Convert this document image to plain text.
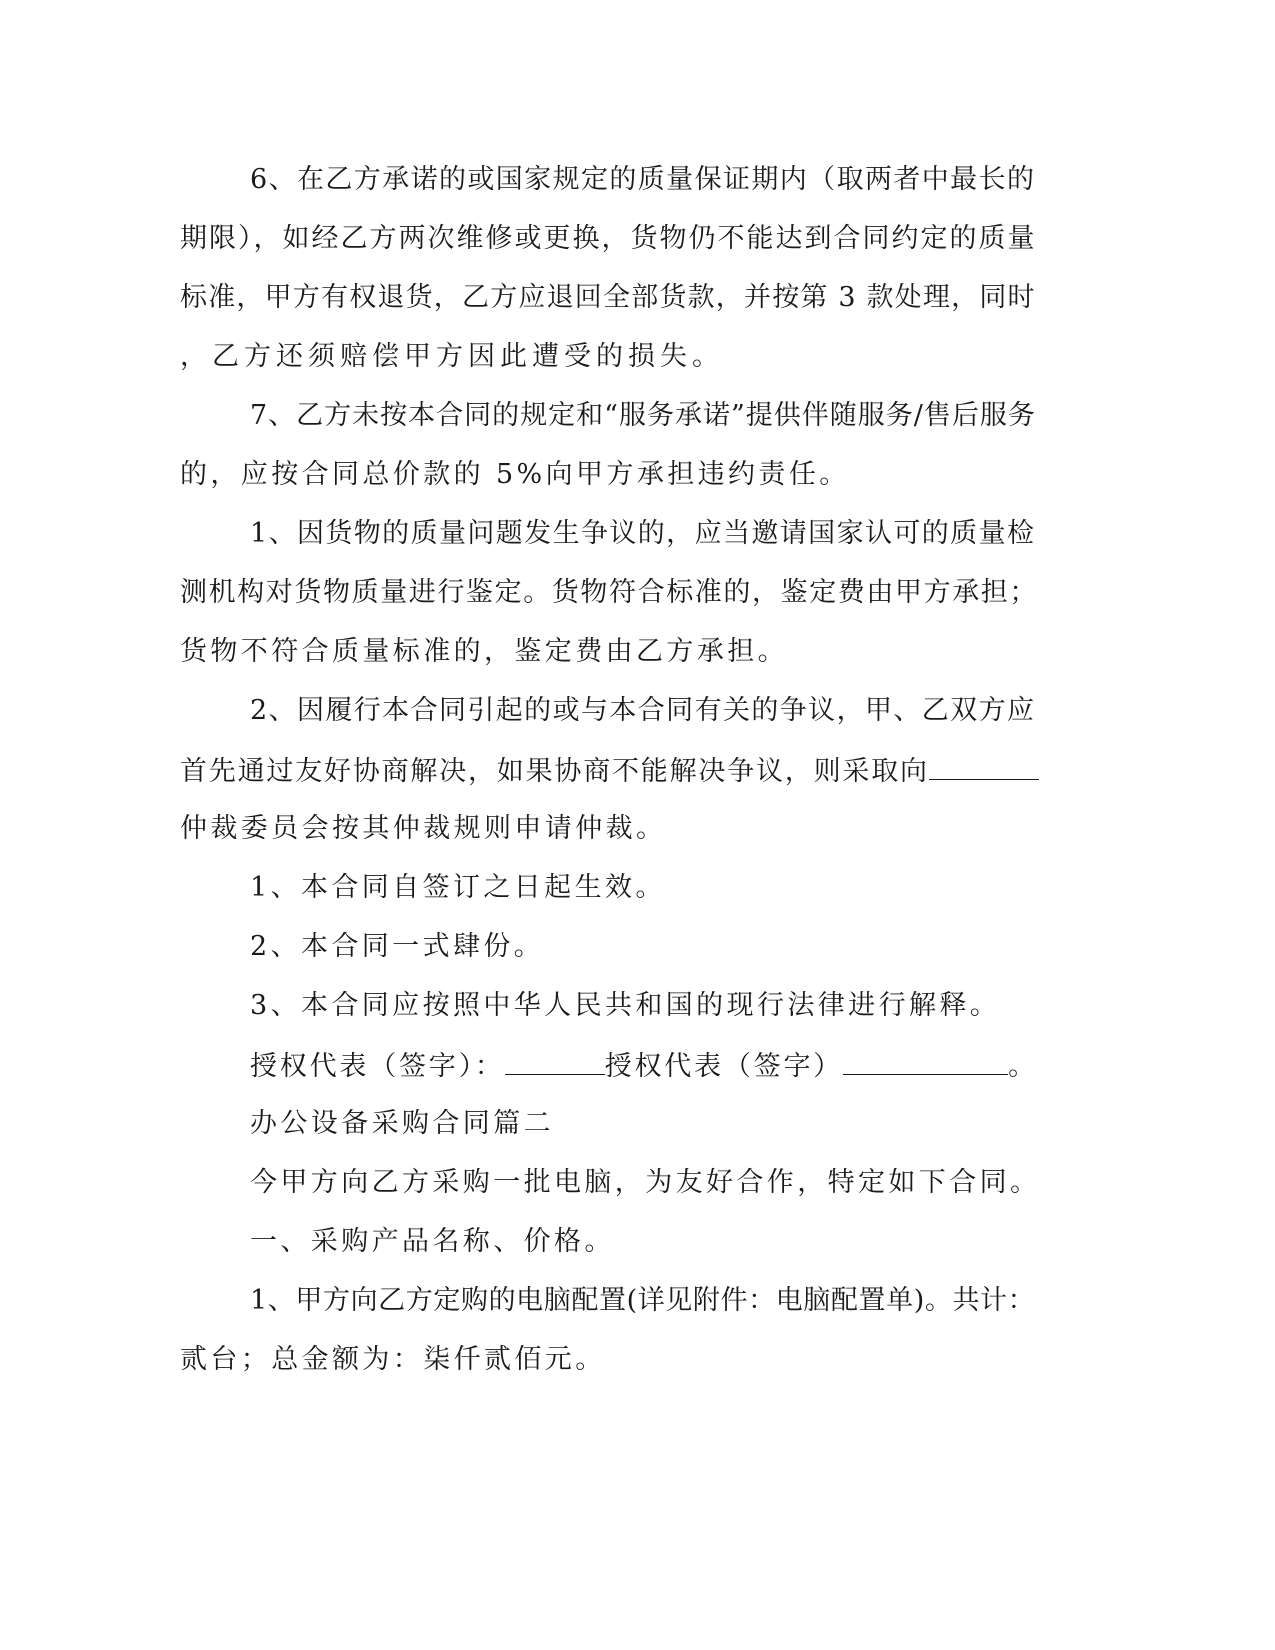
6、在乙方承诺的或国家规定的质量保证期内（取两者中最长的
期限），如经乙方两次维修或更换，货物仍不能达到合同约定的质量
标准，甲方有权退货，乙方应退回全部货款，并按第 3 款处理，同时
，乙方还须赔偿甲方因此遭受的损失。
7、乙方未按本合同的规定和“服务承诺”提供伴随服务/售后服务
的，应按合同总价款的 5%向甲方承担违约责任。
1、因货物的质量问题发生争议的，应当邀请国家认可的质量检
测机构对货物质量进行鉴定。货物符合标准的，鉴定费由甲方承担；
货物不符合质量标准的，鉴定费由乙方承担。
2、因履行本合同引起的或与本合同有关的争议，甲、乙双方应
首先通过友好协商解决，如果协商不能解决争议，则采取向
仲裁委员会按其仲裁规则申请仲裁。
1、本合同自签订之日起生效。
2、本合同一式肆份。
3、本合同应按照中华人民共和国的现行法律进行解释。
授权代表（签字）：	授权代表（签字）	。
办公设备采购合同篇二
今甲方向乙方采购一批电脑，为友好合作，特定如下合同。
一、采购产品名称、价格。
1、甲方向乙方定购的电脑配置(详见附件：电脑配置单)。共计：
贰台；总金额为：柒仟贰佰元。
